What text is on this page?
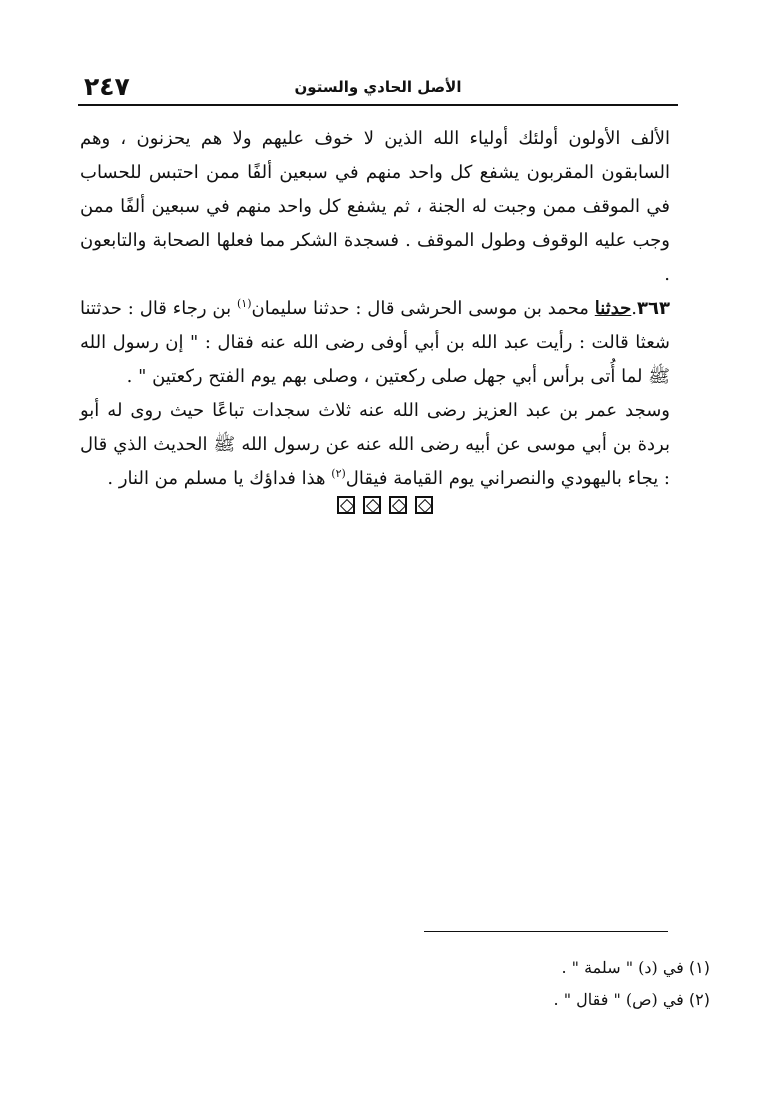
٢٤٧	الأصل الحادي والستون

الألف الأولون أولئك أولياء الله الذين لا خوف عليهم ولا هم يحزنون ، وهم السابقون المقربون يشفع كل واحد منهم في سبعين ألفًا ممن احتبس للحساب في الموقف ممن وجبت له الجنة ، ثم يشفع كل واحد منهم في سبعين ألفًا ممن وجب عليه الوقوف وطول الموقف . فسجدة الشكر مما فعلها الصحابة والتابعون .

٣٦٣.حدثنا محمد بن موسى الحرشى قال : حدثنا سليمان$^{(١)}$ بن رجاء قال : حدثتنا شعثا قالت : رأيت عبد الله بن أبي أوفى رضى الله عنه فقال : " إن رسول الله ﷺ لما أُتى برأس أبي جهل صلى ركعتين ، وصلى بهم يوم الفتح ركعتين " .

وسجد عمر بن عبد العزيز رضى الله عنه ثلاث سجدات تباعًا حيث روى له أبو بردة بن أبي موسى عن أبيه رضى الله عنه عن رسول الله ﷺ الحديث الذي قال : يجاء باليهودي والنصراني يوم القيامة فيقال$^{(٢)}$ هذا فداؤك يا مسلم من النار .

(١) في (د) " سلمة " .
(٢) في (ص) " فقال " .
